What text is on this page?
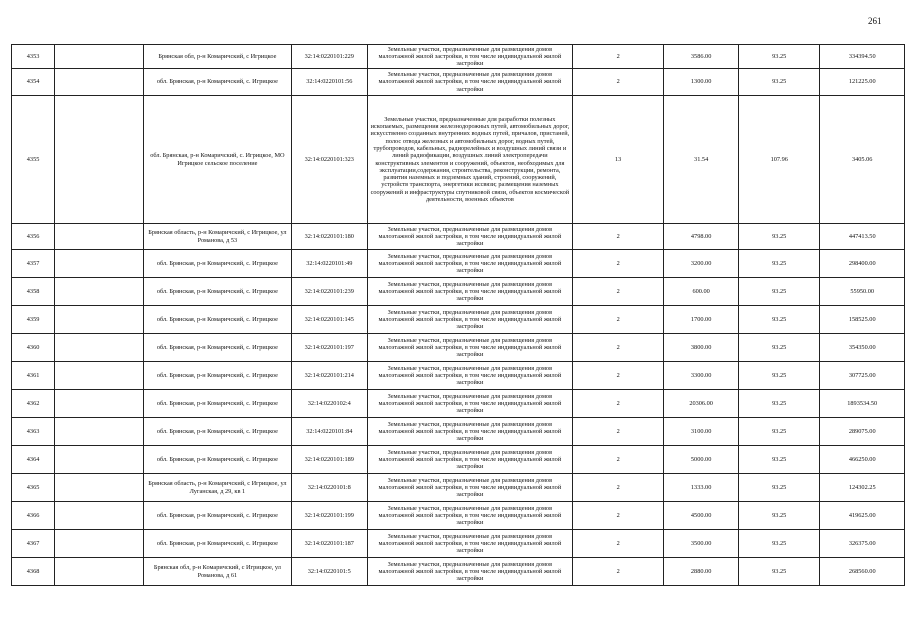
261
4353		Брянская обл, р-н Комаричский, с Игрицкое	32:14:0220101:229	Земельные участки, предназначенные для размещения домов малоэтажной жилой застройки, в том числе индивидуальной жилой застройки	2	3586.00	93.25	334394.50
4354		обл. Брянская, р-н Комаричский, с. Игрицкое	32:14:0220101:56	Земельные участки, предназначенные для размещения домов малоэтажной жилой застройки, в том числе индивидуальной жилой застройки	2	1300.00	93.25	121225.00
4355		обл. Брянская, р-н Комаричский, с. Игрицкое, МО Игрицкое сельское поселение	32:14:0220101:323	Земельные участки, предназначенные для разработки полезных ископаемых, размещения железнодорожных путей, автомобильных дорог, искусственно созданных внутренних водных путей, причалов, пристаней, полос отвода железных и автомобильных дорог, водных путей, трубопроводов, кабельных, радиорелейных и воздушных линий связи и линий радиофикации, воздушных линий электропередачи конструктивных элементов и сооружений, объектов, необходимых для эксплуатации,содержания, строительства, реконструкции, ремонта, развития наземных и подземных зданий, строений, сооружений, устройств транспорта, энергетики иссвязи; размещения наземных сооружений и инфраструктуры спутниковой связи, объектов космической деятельности, военных объектов	13	31.54	107.96	3405.06
4356		Брянская область, р-н Комаричский, с Игрицкое, ул Романова, д 53	32:14:0220101:180	Земельные участки, предназначенные для размещения домов малоэтажной жилой застройки, в том числе индивидуальной жилой застройки	2	4798.00	93.25	447413.50
4357		обл. Брянская, р-н Комаричский, с. Игрицкое	32:14:0220101:49	Земельные участки, предназначенные для размещения домов малоэтажной жилой застройки, в том числе индивидуальной жилой застройки	2	3200.00	93.25	298400.00
4358		обл. Брянская, р-н Комаричский, с. Игрицкое	32:14:0220101:239	Земельные участки, предназначенные для размещения домов малоэтажной жилой застройки, в том числе индивидуальной жилой застройки	2	600.00	93.25	55950.00
4359		обл. Брянская, р-н Комаричский, с. Игрицкое	32:14:0220101:145	Земельные участки, предназначенные для размещения домов малоэтажной жилой застройки, в том числе индивидуальной жилой застройки	2	1700.00	93.25	158525.00
4360		обл. Брянская, р-н Комаричский, с. Игрицкое	32:14:0220101:197	Земельные участки, предназначенные для размещения домов малоэтажной жилой застройки, в том числе индивидуальной жилой застройки	2	3800.00	93.25	354350.00
4361		обл. Брянская, р-н Комаричский, с. Игрицкое	32:14:0220101:214	Земельные участки, предназначенные для размещения домов малоэтажной жилой застройки, в том числе индивидуальной жилой застройки	2	3300.00	93.25	307725.00
4362		обл. Брянская, р-н Комаричский, с. Игрицкое	32:14:0220102:4	Земельные участки, предназначенные для размещения домов малоэтажной жилой застройки, в том числе индивидуальной жилой застройки	2	20306.00	93.25	1893534.50
4363		обл. Брянская, р-н Комаричский, с. Игрицкое	32:14:0220101:84	Земельные участки, предназначенные для размещения домов малоэтажной жилой застройки, в том числе индивидуальной жилой застройки	2	3100.00	93.25	289075.00
4364		обл. Брянская, р-н Комаричский, с. Игрицкое	32:14:0220101:189	Земельные участки, предназначенные для размещения домов малоэтажной жилой застройки, в том числе индивидуальной жилой застройки	2	5000.00	93.25	466250.00
4365		Брянская область, р-н Комаричский, с Игрицкое, ул Луганская, д 29, кв 1	32:14:0220101:8	Земельные участки, предназначенные для размещения домов малоэтажной жилой застройки, в том числе индивидуальной жилой застройки	2	1333.00	93.25	124302.25
4366		обл. Брянская, р-н Комаричский, с. Игрицкое	32:14:0220101:199	Земельные участки, предназначенные для размещения домов малоэтажной жилой застройки, в том числе индивидуальной жилой застройки	2	4500.00	93.25	419625.00
4367		обл. Брянская, р-н Комаричский, с. Игрицкое	32:14:0220101:187	Земельные участки, предназначенные для размещения домов малоэтажной жилой застройки, в том числе индивидуальной жилой застройки	2	3500.00	93.25	326375.00
4368		Брянская обл, р-н Комаричский, с Игрицкое, ул Романова, д 61	32:14:0220101:5	Земельные участки, предназначенные для размещения домов малоэтажной жилой застройки, в том числе индивидуальной жилой застройки	2	2880.00	93.25	268560.00
